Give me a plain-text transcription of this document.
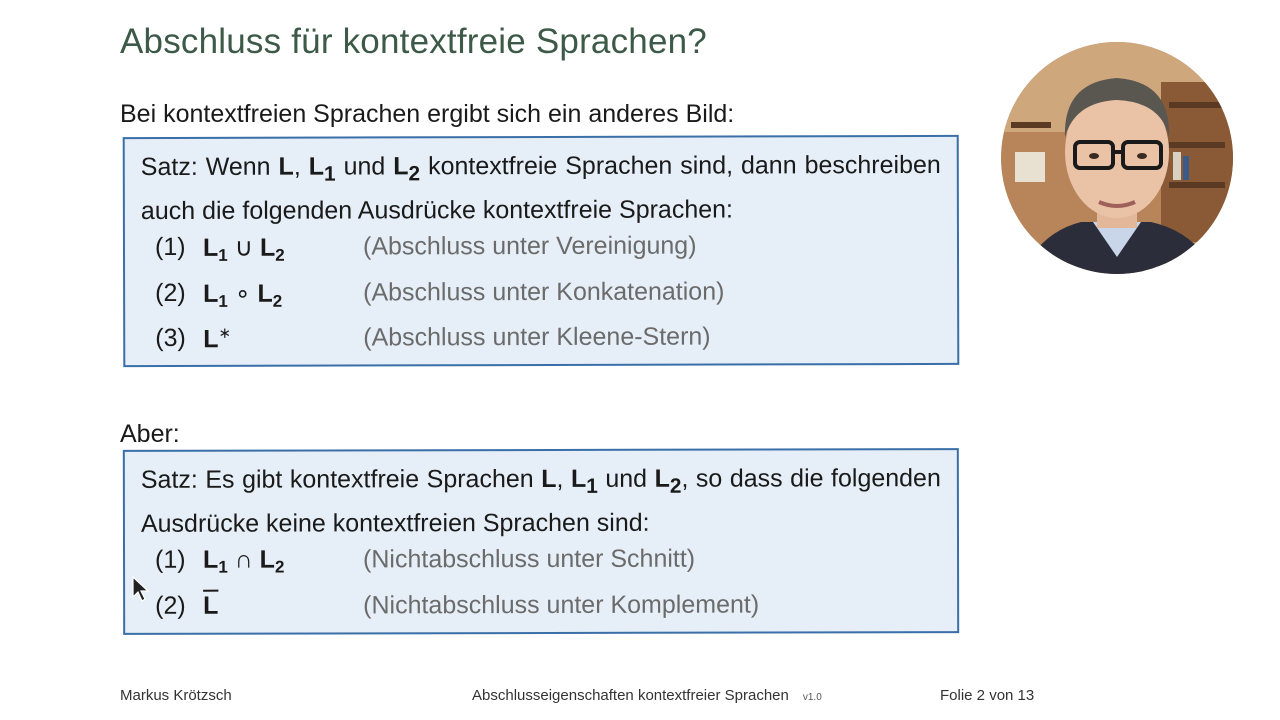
Abschluss für kontextfreie Sprachen?
Bei kontextfreien Sprachen ergibt sich ein anderes Bild:
Satz: Wenn L, $L_1$ und $L_2$ kontextfreie Sprachen sind, dann beschreiben auch die folgenden Ausdrücke kontextfreie Sprachen:
(1) $L_1$ ∪ $L_2$	(Abschluss unter Vereinigung)
(2) $L_1$ ∘ $L_2$	(Abschluss unter Konkatenation)
(3) L∗	(Abschluss unter Kleene-Stern)
Aber:
Satz: Es gibt kontextfreie Sprachen L, $L_1$ und $L_2$, so dass die folgenden Ausdrücke keine kontextfreien Sprachen sind:
(1) $L_1$ ∩ $L_2$	(Nichtabschluss unter Schnitt)
(2) $\overline{L}$	(Nichtabschluss unter Komplement)
Markus Krötzsch	Abschlusseigenschaften kontextfreier Sprachen v1.0	Folie 2 von 13
